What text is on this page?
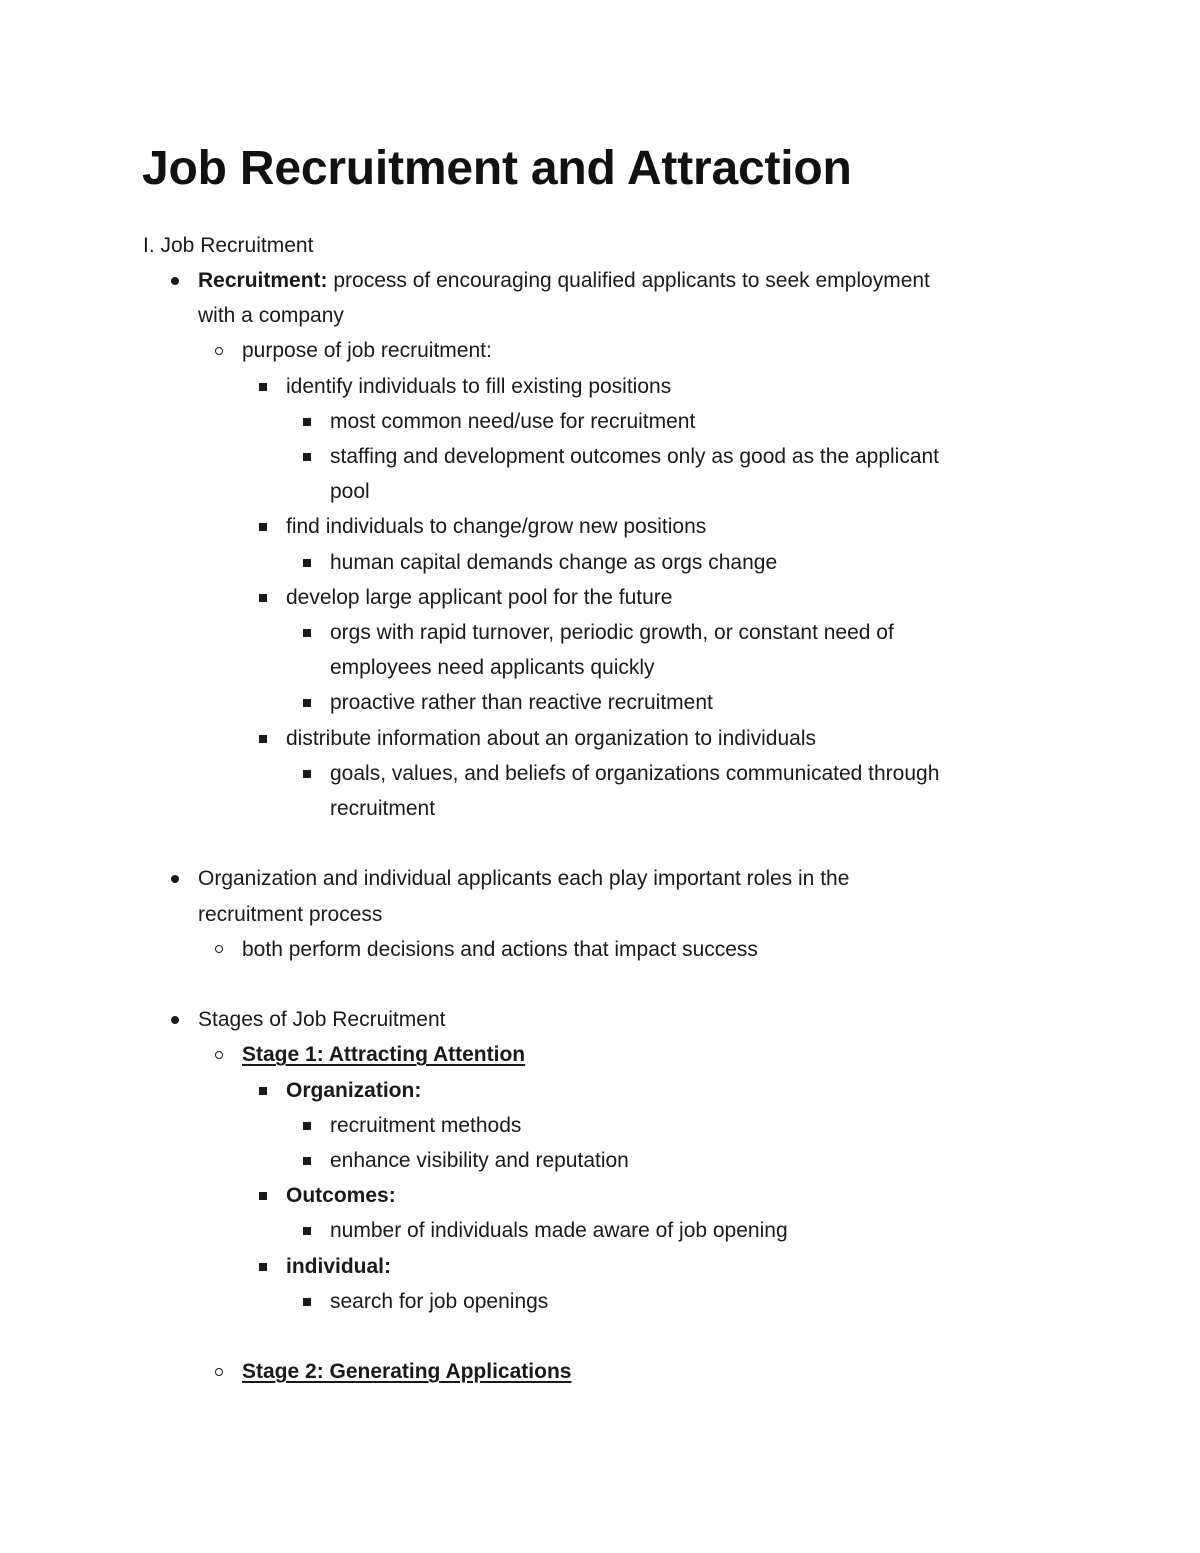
Job Recruitment and Attraction
I. Job Recruitment
Recruitment: process of encouraging qualified applicants to seek employment
with a company
purpose of job recruitment:
identify individuals to fill existing positions
most common need/use for recruitment
staffing and development outcomes only as good as the applicant
pool
find individuals to change/grow new positions
human capital demands change as orgs change
develop large applicant pool for the future
orgs with rapid turnover, periodic growth, or constant need of
employees need applicants quickly
proactive rather than reactive recruitment
distribute information about an organization to individuals
goals, values, and beliefs of organizations communicated through
recruitment
Organization and individual applicants each play important roles in the
recruitment process
both perform decisions and actions that impact success
Stages of Job Recruitment
Stage 1: Attracting Attention
Organization:
recruitment methods
enhance visibility and reputation
Outcomes:
number of individuals made aware of job opening
individual:
search for job openings
Stage 2: Generating Applications
